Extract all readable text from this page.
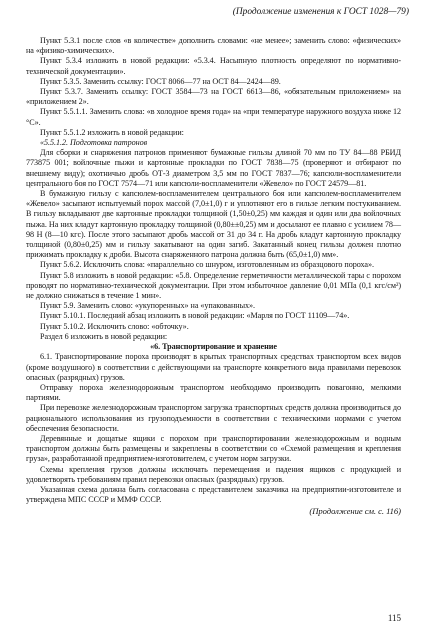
(Продолжение изменения к ГОСТ 1028—79)

Пункт 5.3.1 после слов «в количестве» дополнить словами: «не менее»; заменить слово: «физических» на «физико-химических».

Пункт 5.3.4 изложить в новой редакции: «5.3.4. Насыпную плотность определяют по нормативно-технической документации».

Пункт 5.3.5. Заменить ссылку: ГОСТ 8066—77 на ОСТ 84—2424—89.

Пункт 5.3.7. Заменить ссылку: ГОСТ 3584—73 на ГОСТ 6613—86, «обязательным приложением» на «приложением 2».

Пункт 5.5.1.1. Заменить слова: «в холодное время года» на «при температуре наружного воздуха ниже 12 °С».

Пункт 5.5.1.2 изложить в новой редакции:

«5.5.1.2. Подготовка патронов

Для сборки и снаряжения патронов применяют бумажные гильзы длиной 70 мм по ТУ 84—88 РБИД 773875 001; войлочные пыжи и картонные прокладки по ГОСТ 7838—75 (проверяют и отбирают по внешнему виду); охотничью дробь ОТ-3 диаметром 3,5 мм по ГОСТ 7837—76; капсюли-воспламенители центрального боя по ГОСТ 7574—71 или капсюли-воспламенители «Жевело» по ГОСТ 24579—81.

В бумажную гильзу с капсюлем-воспламенителем центрального боя или капсюлем-воспламенителем «Жевело» засыпают испытуемый порох массой (7,0±1,0) г и уплотняют его в гильзе легким постукиванием. В гильзу вкладывают две картонные прокладки толщиной (1,50±0,25) мм каждая и один или два войлочных пыжа. На них кладут картонную прокладку толщиной (0,80±±0,25) мм и досылают ее плавно с усилием 78—98 Н (8—10 кгс). После этого засыпают дробь массой от 31 до 34 г. На дробь кладут картонную прокладку толщиной (0,80±0,25) мм и гильзу закатывают на один загиб. Закатанный конец гильзы должен плотно прижимать прокладку к дроби. Высота снаряженного патрона должна быть (65,0±1,0) мм».

Пункт 5.6.2. Исключить слова: «параллельно со шнуром, изготовленным из образцового пороха».

Пункт 5.8 изложить в новой редакции: «5.8. Определение герметичности металлической тары с порохом проводят по нормативно-технической документации. При этом избыточное давление 0,01 МПа (0,1 кгс/см²) не должно снижаться в течение 1 мин».

Пункт 5.9. Заменить слово: «укупоренных» на «упакованных».

Пункт 5.10.1. Последний абзац изложить в новой редакции: «Марля по ГОСТ 11109—74».

Пункт 5.10.2. Исключить слово: «обточку».

Раздел 6 изложить в новой редакции:

«6. Транспортирование и хранение

6.1. Транспортирование пороха производят в крытых транспортных средствах транспортом всех видов (кроме воздушного) в соответствии с действующими на транспорте конкретного вида правилами перевозок опасных (разрядных) грузов.

Отправку пороха железнодорожным транспортом необходимо производить повагонно, мелкими партиями.

При перевозке железнодорожным транспортом загрузка транспортных средств должна производиться до рационального использования из грузоподъемности в соответствии с техническими нормами с учетом обеспечения безопасности.

Деревянные и дощатые ящики с порохом при транспортировании железнодорожным и водным транспортом должны быть размещены и закреплены в соответствии со «Схемой размещения и крепления груза», разработанной предприятием-изготовителем, с учетом норм загрузки.

Схемы крепления грузов должны исключать перемещения и падения ящиков с продукцией и удовлетворять требованиям правил перевозки опасных (разрядных) грузов.

Указанная схема должна быть согласована с представителем заказчика на предприятии-изготовителе и утверждена МПС СССР и ММФ СССР.

(Продолжение см. с. 116)

115
